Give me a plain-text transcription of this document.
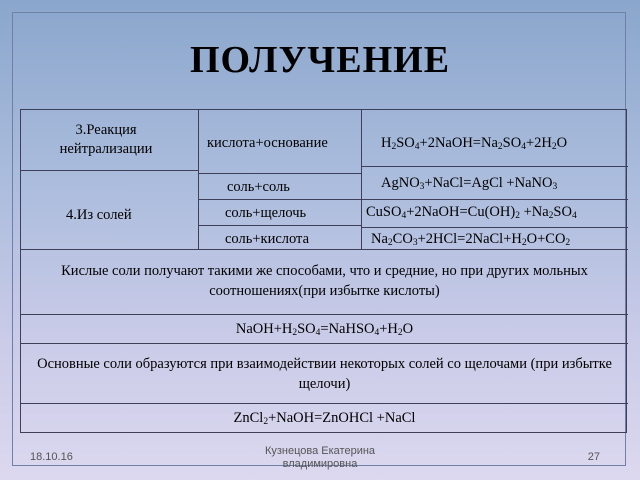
ПОЛУЧЕНИЕ
3.Реакция нейтрализации	кислота+основание	$H_2SO_4+2NaOH=Na_2SO_4+2H_2O$
4.Из солей
соль+соль	AgNO$_3$+NaCl=AgCl +NaNO$_3$
соль+щелочь	$CuSO_4+2NaOH=Cu(OH)_2 +Na_2SO_4$
соль+кислота	$Na_2CO_3+2HCl=2NaCl+H_2O+CO_2$
Кислые соли получают такими же способами, что и средние, но при других мольных соотношениях(при избытке кислоты)
$NaOH+H_2SO_4=NaHSO_4+H_2O$
Основные соли образуются при взаимодействии некоторых солей со щелочами (при избытке щелочи)
ZnCl$_2$+NaOH=ZnOHCl +NaCl
18.10.16	Кузнецова Екатерина владимировна
27
